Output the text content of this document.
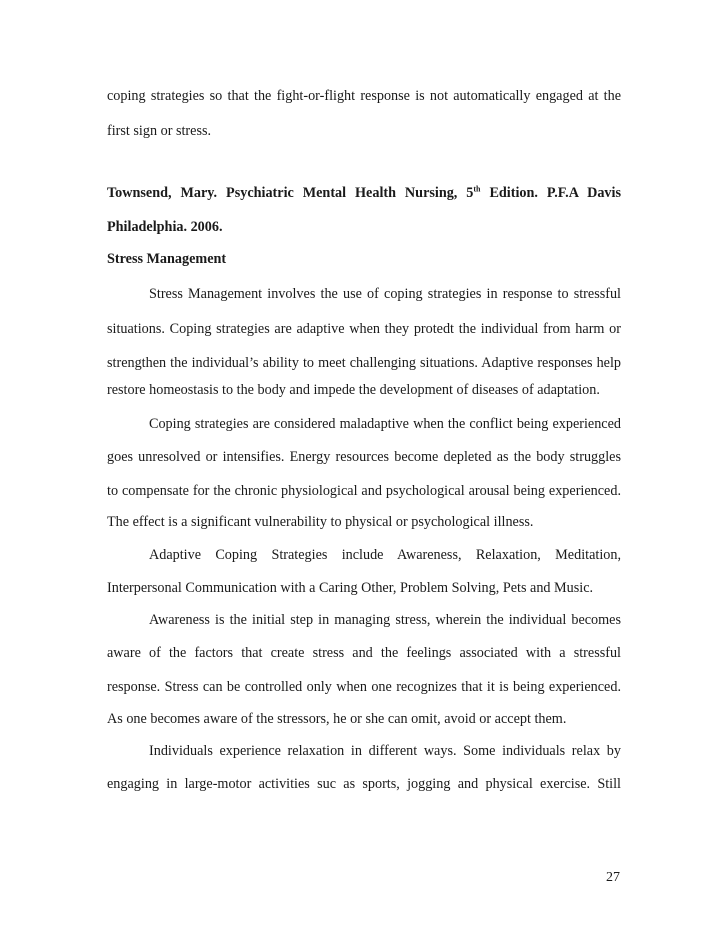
coping strategies so that the fight-or-flight response is not automatically engaged at the

first sign or stress.

Townsend, Mary. Psychiatric Mental Health Nursing, 5th Edition. P.F.A Davis

Philadelphia. 2006.

Stress Management

Stress Management involves the use of coping strategies in response to stressful

situations. Coping strategies are adaptive when they protedt the individual from harm or

strengthen the individual’s ability to meet challenging situations. Adaptive responses help

restore homeostasis to the body and impede the development of diseases of adaptation.

Coping strategies are considered maladaptive when the conflict being experienced

goes unresolved or intensifies. Energy resources become depleted as the body struggles

to compensate for the chronic physiological and psychological arousal being experienced.

The effect is a significant vulnerability to physical or psychological illness.

Adaptive Coping Strategies include Awareness, Relaxation, Meditation,

Interpersonal Communication with a Caring Other, Problem Solving, Pets and Music.

Awareness is the initial step in managing stress, wherein the individual becomes

aware of the factors that create stress and the feelings associated with a stressful

response. Stress can be controlled only when one recognizes that it is being experienced.

As one becomes aware of the stressors, he or she can omit, avoid or accept them.

Individuals experience relaxation in different ways. Some individuals relax by

engaging in large-motor activities suc as sports, jogging and physical exercise. Still

27
